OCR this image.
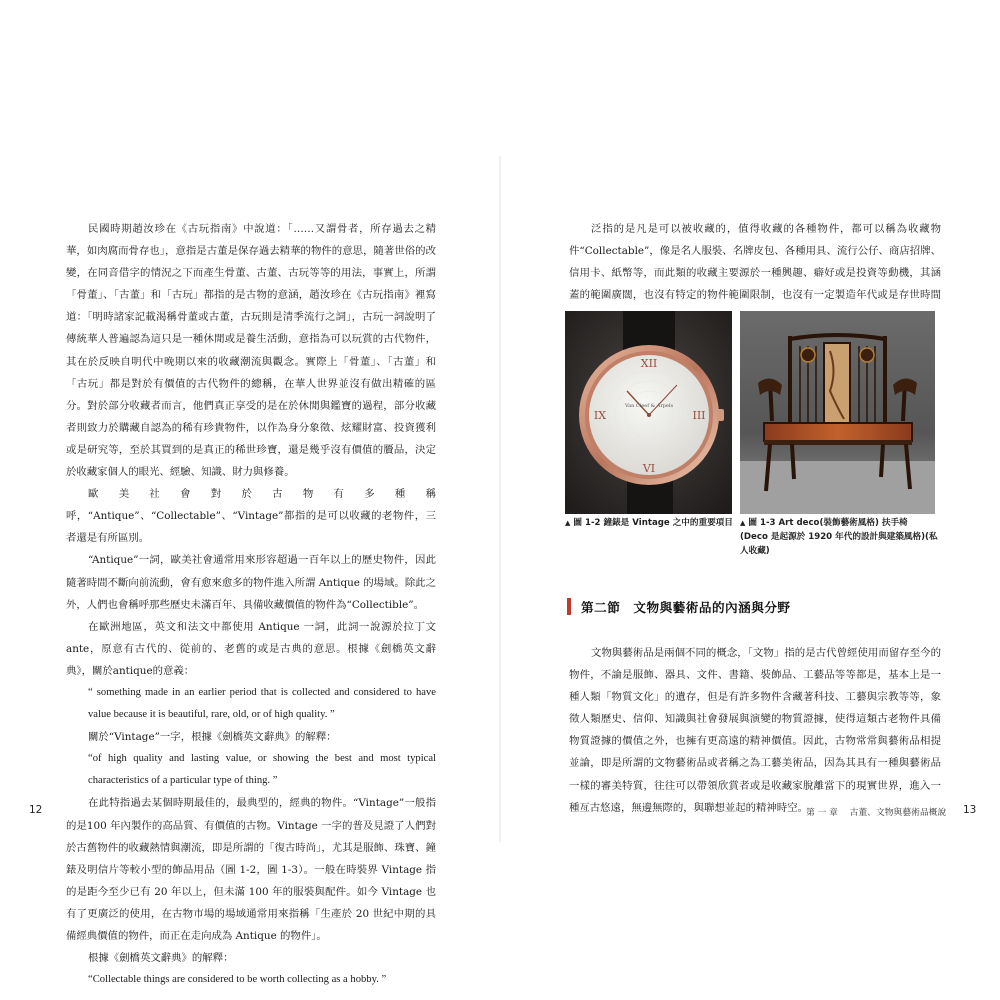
民國時期趙汝珍在《古玩指南》中說道：「……又謂骨者，所存過去之精華，如肉腐而骨存也」，意指是古董是保存過去精華的物件的意思，隨著世俗的改變，在同音借字的情況之下而產生骨董、古董、古玩等等的用法，事實上，所謂「骨董」、「古董」和「古玩」都指的是古物的意涵，趙汝珍在《古玩指南》裡寫道：「明時諸家記載渴稱骨董或古董，古玩則是清季流行之詞」，古玩一詞說明了傳統華人普遍認為這只是一種休閒或是養生活動，意指為可以玩賞的古代物件，其在於反映自明代中晚期以來的收藏潮流與觀念。實際上「骨董」、「古董」和「古玩」都是對於有價值的古代物件的總稱，在華人世界並沒有做出精確的區分。對於部分收藏者而言，他們真正享受的是在於休閒與鑑寶的過程，部分收藏者則致力於購藏自認為的稀有珍貴物件，以作為身分象徵、炫耀財富、投資獲利或是研究等，至於其買到的是真正的稀世珍寶，還是幾乎沒有價值的贗品，決定於收藏家個人的眼光、經驗、知識、財力與修養。

歐美社會對於古物有多種稱呼，“Antique”、“Collectable”、“Vintage”都指的是可以收藏的老物件，三者還是有所區別。

“Antique”一詞，歐美社會通常用來形容超過一百年以上的歷史物件，因此隨著時間不斷向前流動，會有愈來愈多的物件進入所謂 Antique 的場域。除此之外，人們也會稱呼那些歷史未滿百年、具備收藏價值的物件為“Collectible”。

在歐洲地區，英文和法文中都使用 Antique 一詞，此詞一說源於拉丁文 ante，原意有古代的、從前的、老舊的或是古典的意思。根據《劍橋英文辭典》，關於antique的意義：

“ something made in an earlier period that is collected and considered to have value because it is beautiful, rare, old, or of high quality. ”

關於“Vintage”一字，根據《劍橋英文辭典》的解釋：

“of high quality and lasting value, or showing the best and most typical characteristics of a particular type of thing. ”

在此特指過去某個時期最佳的，最典型的，經典的物件。“Vintage”一般指的是100 年內製作的高品質、有價值的古物。Vintage 一字的普及見證了人們對於古舊物件的收藏熱情與潮流，即是所謂的「復古時尚」，尤其是服飾、珠寶、鐘錶及明信片等較小型的飾品用品（圖 1-2，圖 1-3）。一般在時裝界 Vintage 指的是距今至少已有 20 年以上，但未滿 100 年的服裝與配件。如今 Vintage 也有了更廣泛的使用，在古物市場的場域通常用來指稱「生產於 20 世紀中期的具備經典價值的物件，而正在走向成為 Antique 的物件」。

根據《劍橋英文辭典》的解釋：

“Collectable things are considered to be worth collecting as a hobby. ”

12

泛指的是凡是可以被收藏的，值得收藏的各種物件，都可以稱為收藏物件“Collectable”，像是名人服裝、名牌皮包、各種用具、流行公仔、商店招牌、信用卡、紙幣等，而此類的收藏主要源於一種興趣、癖好或是投資等動機，其涵蓋的範圍廣闊，也沒有特定的物件範圍限制，也沒有一定製造年代或是存世時間

XII
VI
III
IX
Van Cleef & Arpels
▲ 圖 1-2 鐘錶是 Vintage 之中的重要項目	▲ 圖 1-3 Art deco(裝飾藝術風格) 扶手椅 (Deco 是起源於 1920 年代的設計與建築風格)(私人收藏)
第二節　文物與藝術品的內涵與分野

文物與藝術品是兩個不同的概念，「文物」指的是古代曾經使用而留存至今的物件，不論是服飾、器具、文件、書籍、裝飾品、工藝品等等都是，基本上是一種人類「物質文化」的遺存，但是有許多物件含藏著科技、工藝與宗教等等，象徵人類歷史、信仰、知識與社會發展與演變的物質證據，使得這類古老物件具備物質證據的價值之外，也擁有更高遠的精神價值。因此，古物常常與藝術品相提並論，即是所謂的文物藝術品或者稱之為工藝美術品，因為其具有一種與藝術品一樣的審美特質，往往可以帶領欣賞者或是收藏家脫離當下的現實世界，進入一種亙古悠遠，無邊無際的，與聯想並起的精神時空。

第 一 章　 古董、文物與藝術品概說 13
